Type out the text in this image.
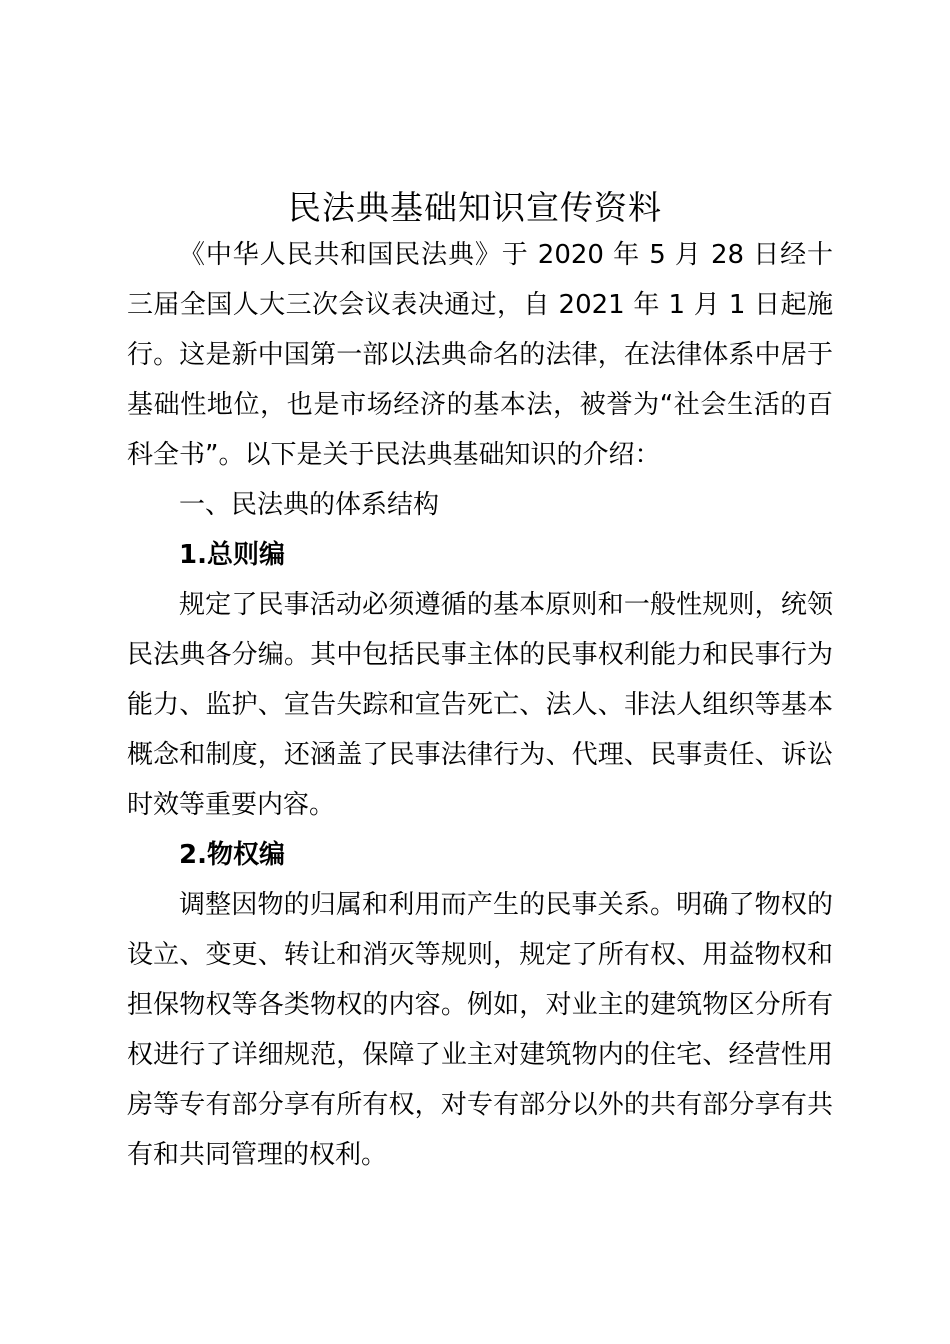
民法典基础知识宣传资料
《中华人民共和国民法典》于 2020 年 5 月 28 日经十三届全国人大三次会议表决通过，自 2021 年 1 月 1 日起施行。这是新中国第一部以法典命名的法律，在法律体系中居于基础性地位，也是市场经济的基本法，被誉为“社会生活的百科全书”。以下是关于民法典基础知识的介绍：
一、民法典的体系结构
1.总则编
规定了民事活动必须遵循的基本原则和一般性规则，统领民法典各分编。其中包括民事主体的民事权利能力和民事行为能力、监护、宣告失踪和宣告死亡、法人、非法人组织等基本概念和制度，还涵盖了民事法律行为、代理、民事责任、诉讼时效等重要内容。
2.物权编
调整因物的归属和利用而产生的民事关系。明确了物权的设立、变更、转让和消灭等规则，规定了所有权、用益物权和担保物权等各类物权的内容。例如，对业主的建筑物区分所有权进行了详细规范，保障了业主对建筑物内的住宅、经营性用房等专有部分享有所有权，对专有部分以外的共有部分享有共有和共同管理的权利。
